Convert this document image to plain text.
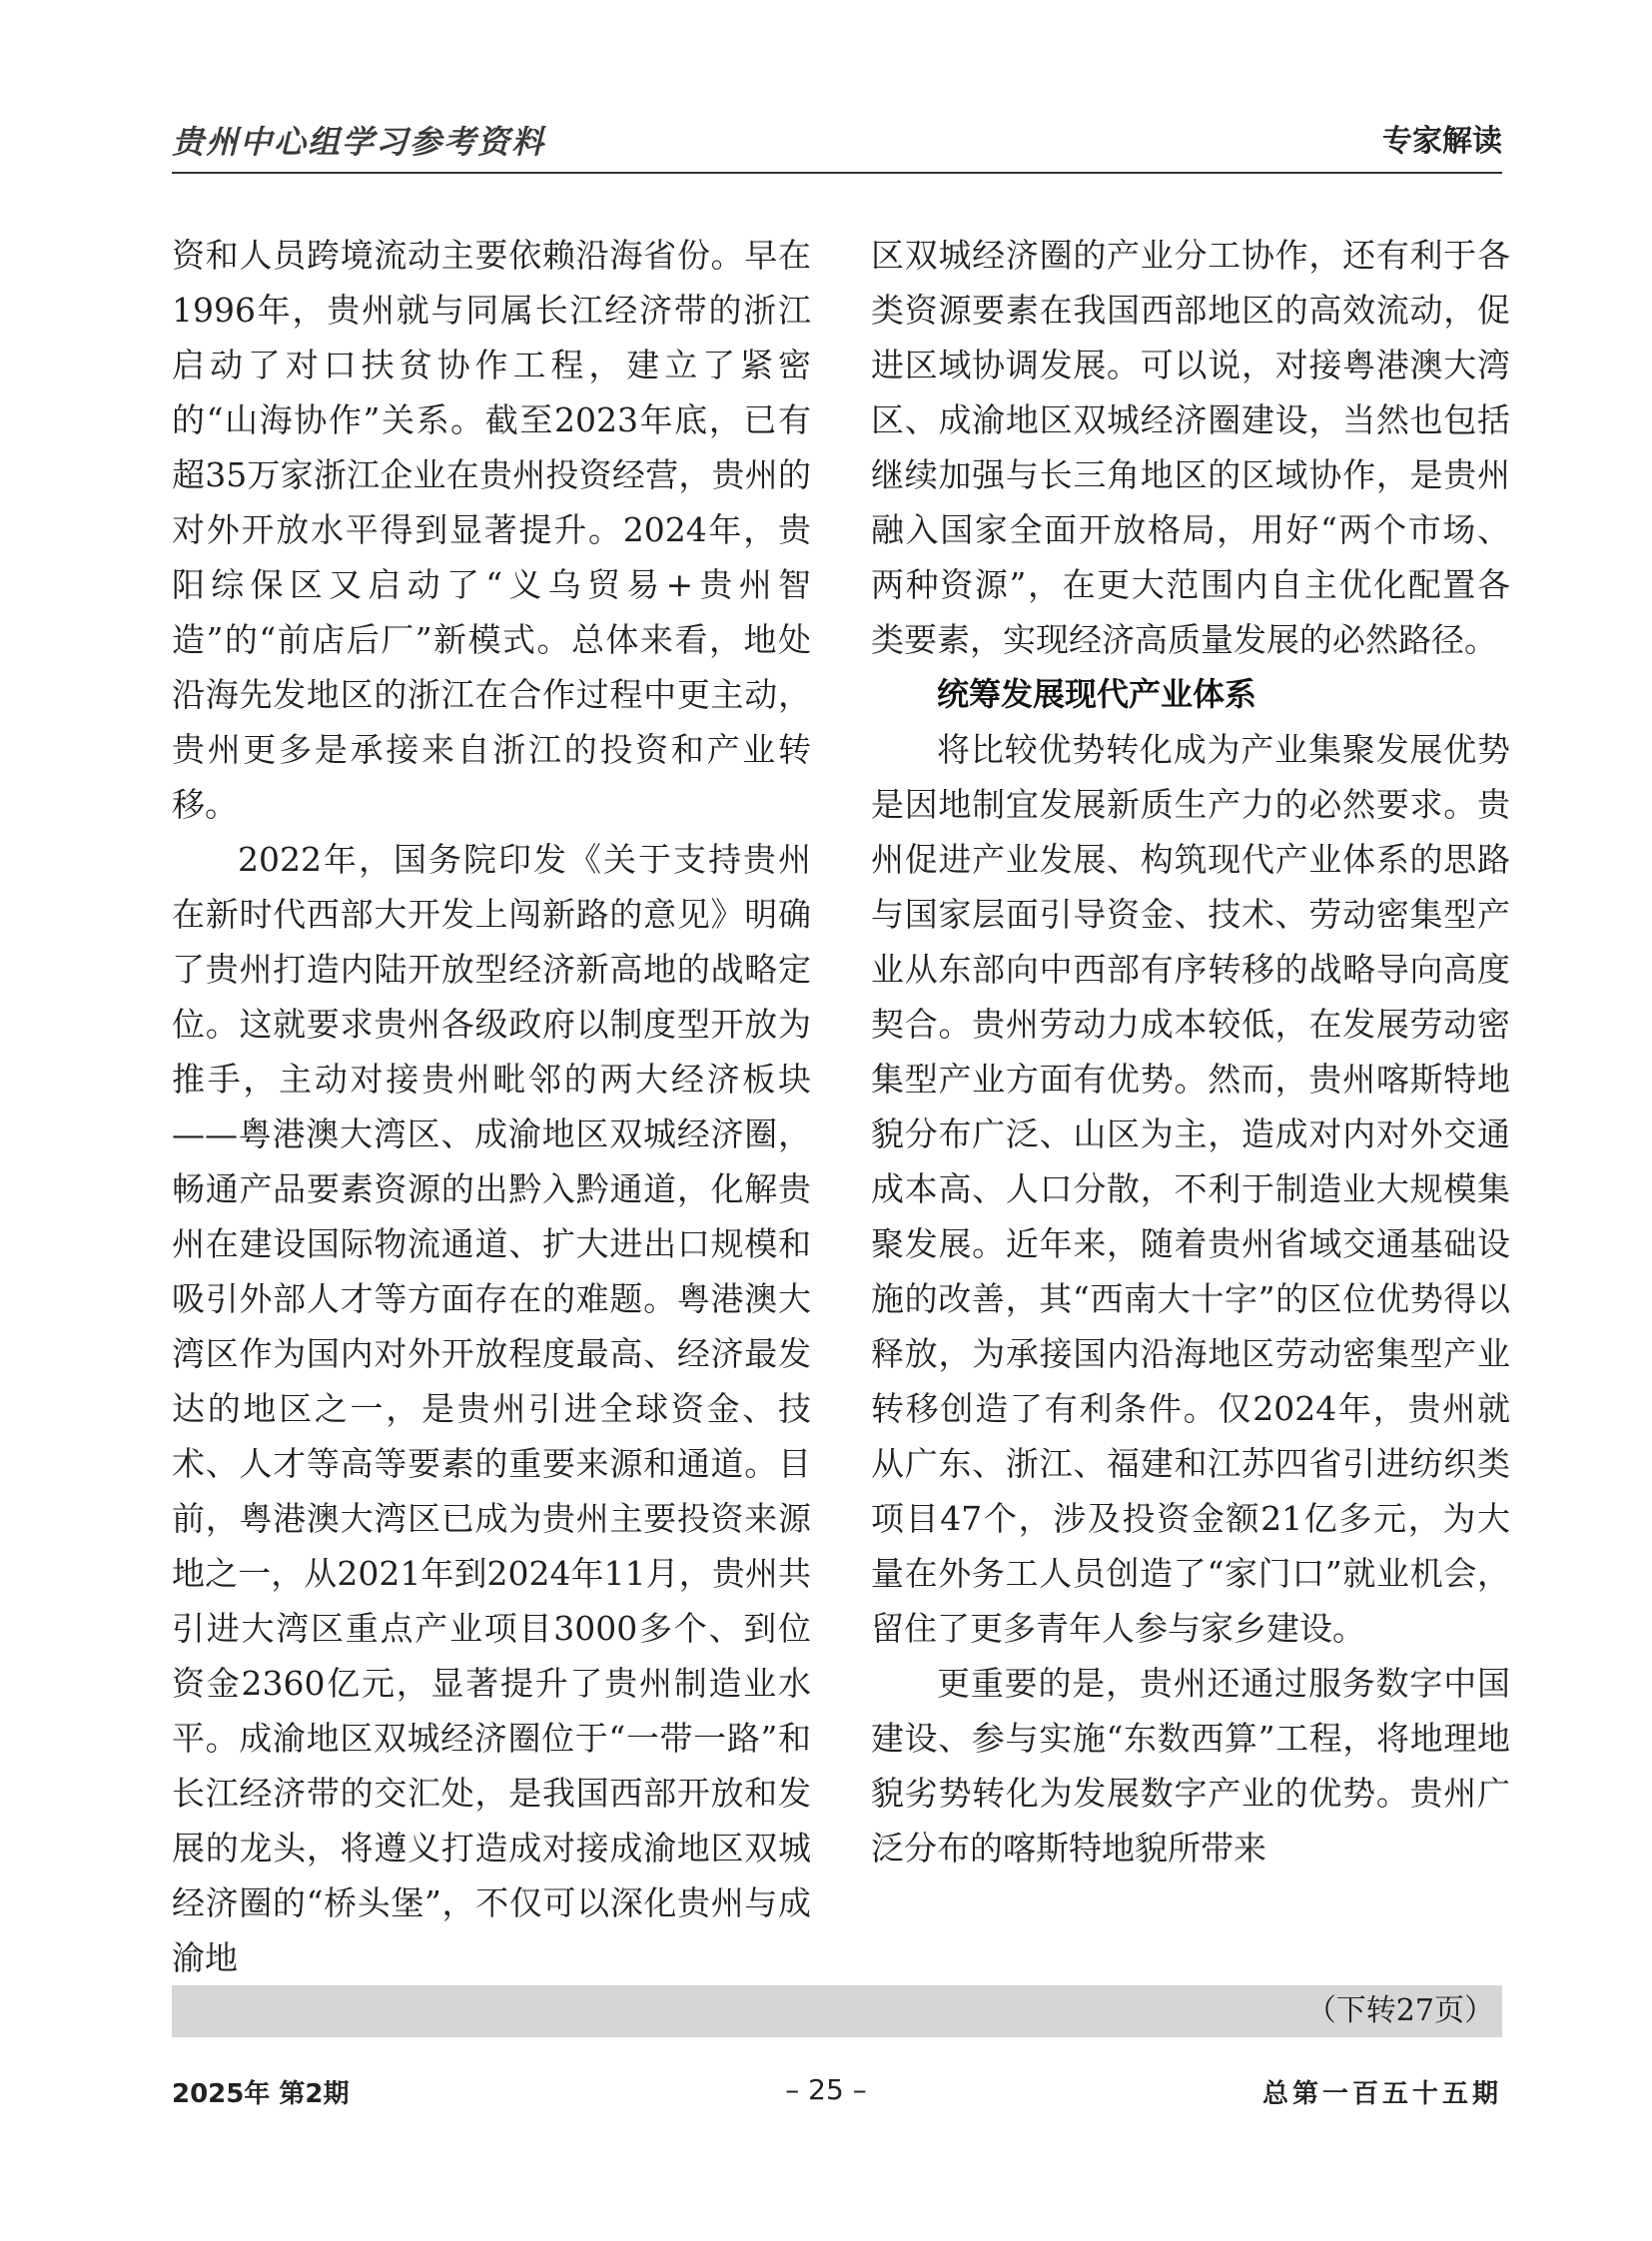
贵州中心组学习参考资料	专家解读

资和人员跨境流动主要依赖沿海省份。早在1996年，贵州就与同属长江经济带的浙江启动了对口扶贫协作工程，建立了紧密的“山海协作”关系。截至2023年底，已有超35万家浙江企业在贵州投资经营，贵州的对外开放水平得到显著提升。2024年，贵阳综保区又启动了“义乌贸易+贵州智造”的“前店后厂”新模式。总体来看，地处沿海先发地区的浙江在合作过程中更主动，贵州更多是承接来自浙江的投资和产业转移。

2022年，国务院印发《关于支持贵州在新时代西部大开发上闯新路的意见》明确了贵州打造内陆开放型经济新高地的战略定位。这就要求贵州各级政府以制度型开放为推手，主动对接贵州毗邻的两大经济板块——粤港澳大湾区、成渝地区双城经济圈，畅通产品要素资源的出黔入黔通道，化解贵州在建设国际物流通道、扩大进出口规模和吸引外部人才等方面存在的难题。粤港澳大湾区作为国内对外开放程度最高、经济最发达的地区之一，是贵州引进全球资金、技术、人才等高等要素的重要来源和通道。目前，粤港澳大湾区已成为贵州主要投资来源地之一，从2021年到2024年11月，贵州共引进大湾区重点产业项目3000多个、到位资金2360亿元，显著提升了贵州制造业水平。成渝地区双城经济圈位于“一带一路”和长江经济带的交汇处，是我国西部开放和发展的龙头，将遵义打造成对接成渝地区双城经济圈的“桥头堡”，不仅可以深化贵州与成渝地

区双城经济圈的产业分工协作，还有利于各类资源要素在我国西部地区的高效流动，促进区域协调发展。可以说，对接粤港澳大湾区、成渝地区双城经济圈建设，当然也包括继续加强与长三角地区的区域协作，是贵州融入国家全面开放格局，用好“两个市场、两种资源”，在更大范围内自主优化配置各类要素，实现经济高质量发展的必然路径。

统筹发展现代产业体系

将比较优势转化成为产业集聚发展优势是因地制宜发展新质生产力的必然要求。贵州促进产业发展、构筑现代产业体系的思路与国家层面引导资金、技术、劳动密集型产业从东部向中西部有序转移的战略导向高度契合。贵州劳动力成本较低，在发展劳动密集型产业方面有优势。然而，贵州喀斯特地貌分布广泛、山区为主，造成对内对外交通成本高、人口分散，不利于制造业大规模集聚发展。近年来，随着贵州省域交通基础设施的改善，其“西南大十字”的区位优势得以释放，为承接国内沿海地区劳动密集型产业转移创造了有利条件。仅2024年，贵州就从广东、浙江、福建和江苏四省引进纺织类项目47个，涉及投资金额21亿多元，为大量在外务工人员创造了“家门口”就业机会，留住了更多青年人参与家乡建设。

更重要的是，贵州还通过服务数字中国建设、参与实施“东数西算”工程，将地理地貌劣势转化为发展数字产业的优势。贵州广泛分布的喀斯特地貌所带来

（下转27页）
2025年 第2期	– 25 –	总第一百五十五期
